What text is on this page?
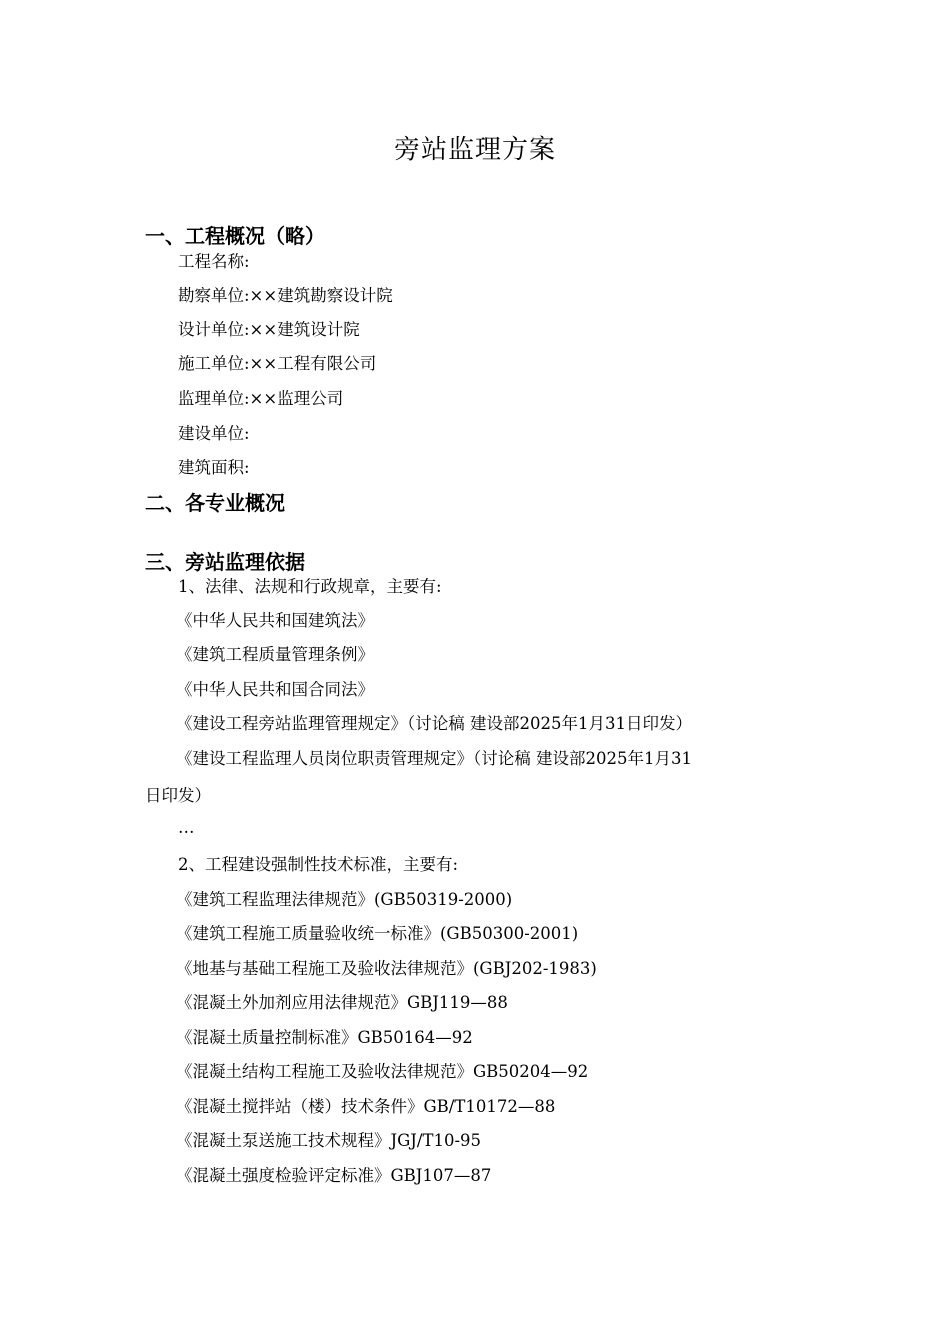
旁站监理方案
一、工程概况（略）
工程名称:
勘察单位:××建筑勘察设计院
设计单位:××建筑设计院
施工单位:××工程有限公司
监理单位:××监理公司
建设单位:
建筑面积:
二、各专业概况
三、旁站监理依据
1、法律、法规和行政规章，主要有:
《中华人民共和国建筑法》
《建筑工程质量管理条例》
《中华人民共和国合同法》
《建设工程旁站监理管理规定》（讨论稿 建设部2025年1月31日印发）
《建设工程监理人员岗位职责管理规定》（讨论稿 建设部2025年1月31
日印发）
…
2、工程建设强制性技术标准，主要有:
《建筑工程监理法律规范》(GB50319-2000)
《建筑工程施工质量验收统一标准》(GB50300-2001)
《地基与基础工程施工及验收法律规范》(GBJ202-1983)
《混凝土外加剂应用法律规范》GBJ119—88
《混凝土质量控制标准》GB50164—92
《混凝土结构工程施工及验收法律规范》GB50204—92
《混凝土搅拌站（楼）技术条件》GB/T10172—88
《混凝土泵送施工技术规程》JGJ/T10-95
《混凝土强度检验评定标准》GBJ107—87
